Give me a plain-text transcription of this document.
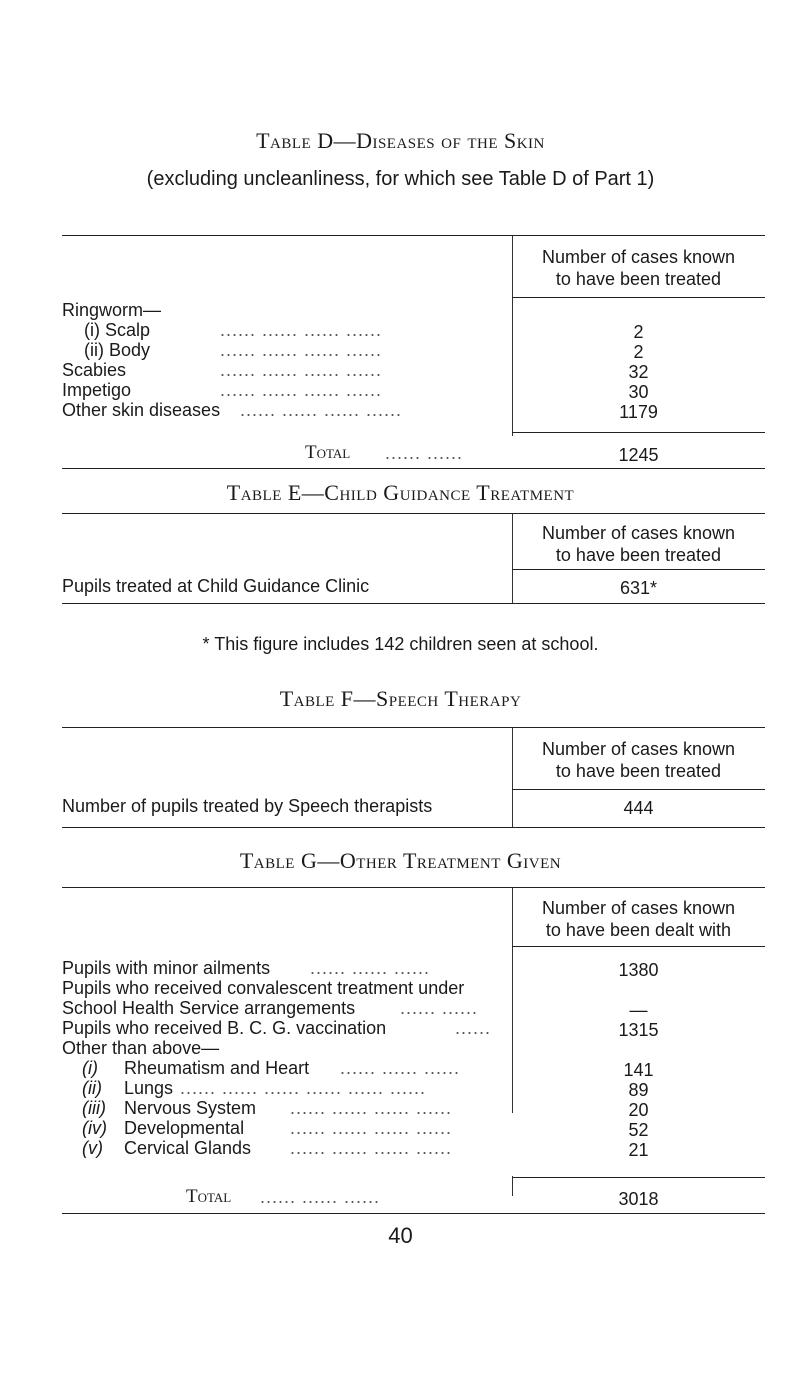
Table D—Diseases of the Skin
(excluding uncleanliness, for which see Table D of Part 1)
Number of cases known
to have been treated
Ringworm—
(i) Scalp	...... ...... ...... ......	2
(ii) Body	...... ...... ...... ......	2
Scabies	...... ...... ...... ......	32
Impetigo	...... ...... ...... ......	30
Other skin diseases ...... ...... ...... ......	1179
Total ...... ......	1245
Table E—Child Guidance Treatment
Number of cases known
to have been treated
Pupils treated at Child Guidance Clinic	631*
* This figure includes 142 children seen at school.
Table F—Speech Therapy
Number of cases known
to have been treated
Number of pupils treated by Speech therapists	444
Table G—Other Treatment Given
Number of cases known
to have been dealt with
Pupils with minor ailments ...... ...... ......	1380
Pupils who received convalescent treatment under
School Health Service arrangements ...... ......	—
Pupils who received B. C. G. vaccination	......	1315
Other than above—
(i) Rheumatism and Heart ...... ...... ......	141
(ii) Lungs ...... ...... ...... ...... ...... ......	89
(iii) Nervous System ...... ...... ...... ......	20
(iv) Developmental	...... ...... ...... ......	52
(v) Cervical Glands ...... ...... ...... ......	21
Total ...... ...... ......	3018
40
